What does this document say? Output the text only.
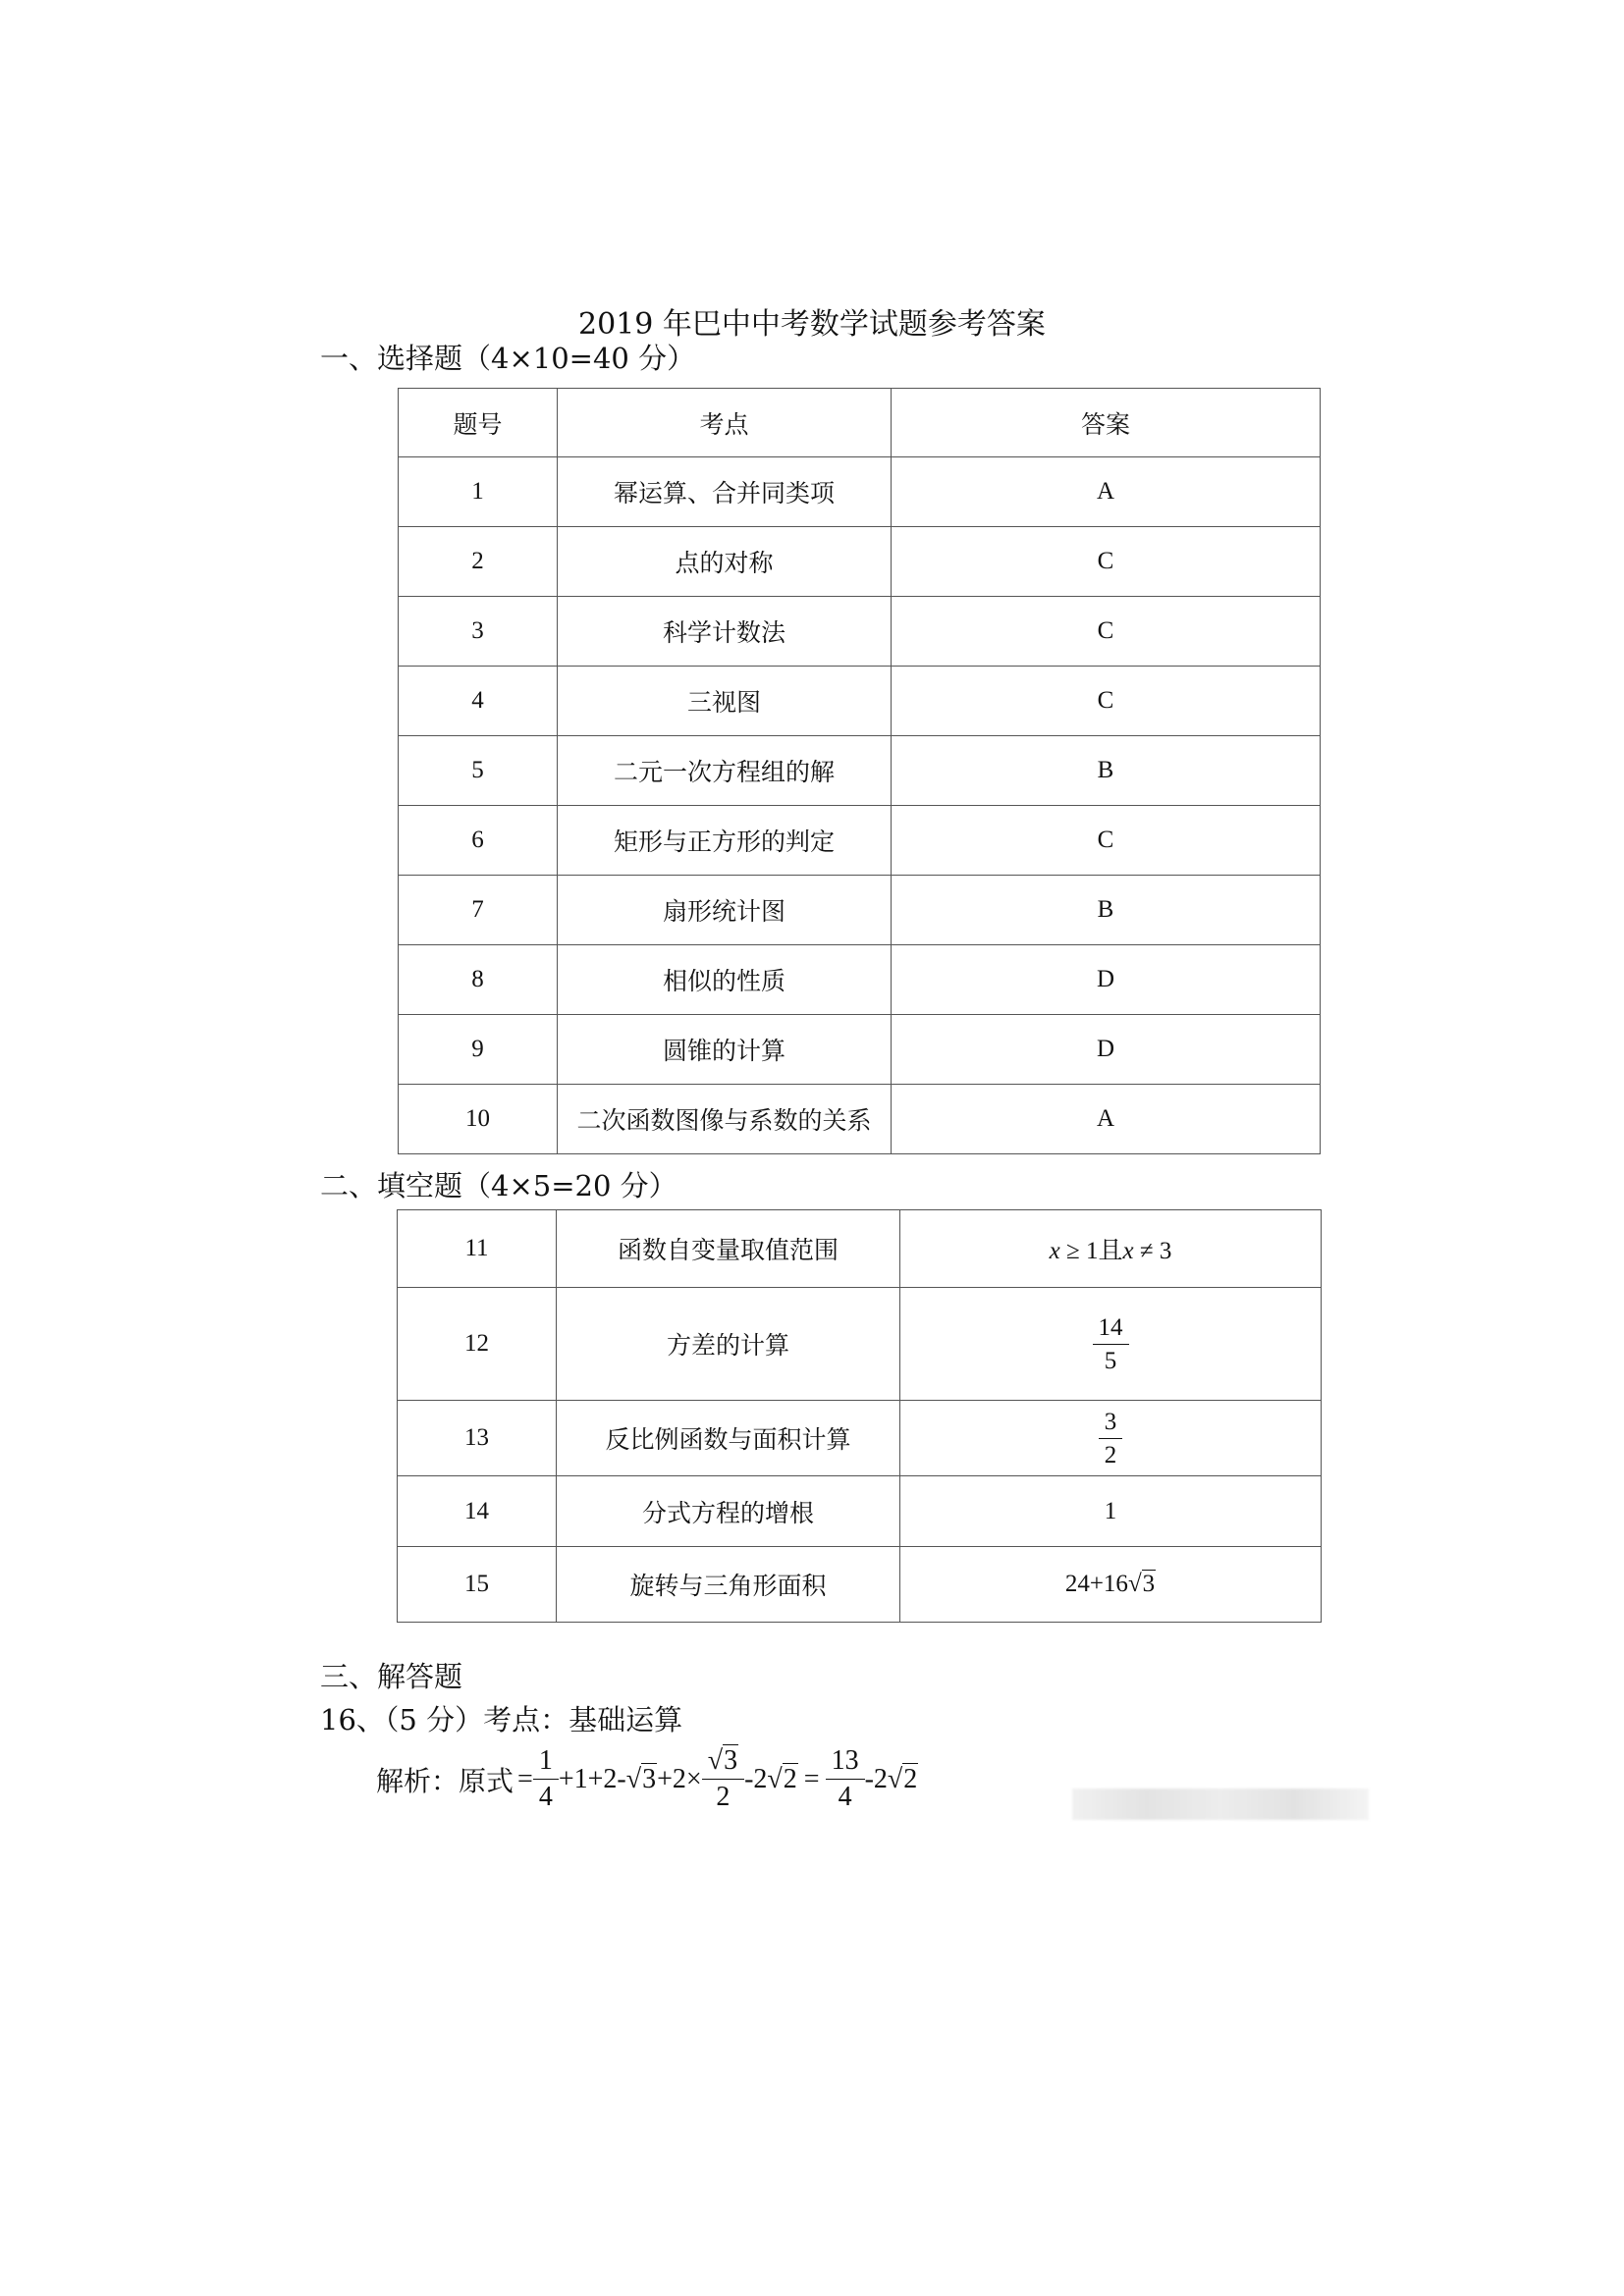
2019 年巴中中考数学试题参考答案
一、选择题（4×10=40 分）
题号	考点	答案
1	幂运算、合并同类项	A
2	点的对称	C
3	科学计数法	C
4	三视图	C
5	二元一次方程组的解	B
6	矩形与正方形的判定	C
7	扇形统计图	B
8	相似的性质	D
9	圆锥的计算	D
10	二次函数图像与系数的关系	A
二、填空题（4×5=20 分）
11	函数自变量取值范围	x ≥ 1且x ≠ 3
12	方差的计算	$\frac{14}{5}$

13	反比例函数与面积计算	$\frac{3}{2}$

14	分式方程的增根	1
15	旋转与三角形面积	24+16√3
三、解答题
16、（5 分）考点：基础运算
解析：原式 = $\frac{1}{4} +1+2-$ $√3 +2\times \frac{√3}{2} -2$ $√2 = \frac{13}{4} -2$ √2
